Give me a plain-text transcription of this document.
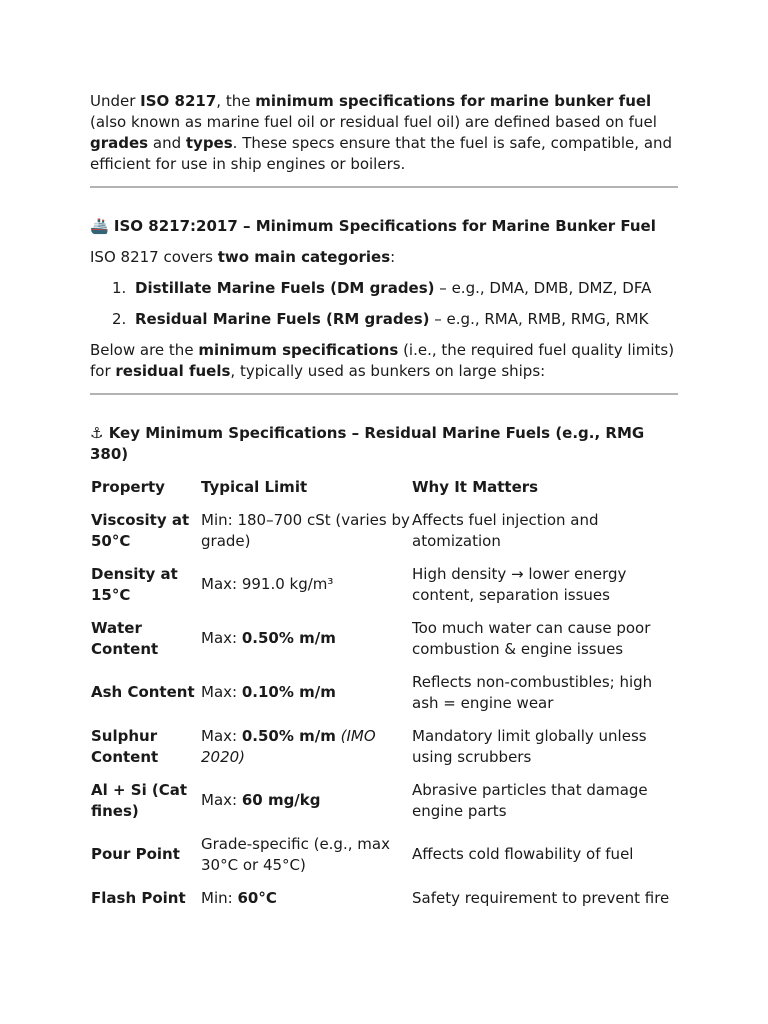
Under ISO 8217, the minimum specifications for marine bunker fuel (also known as marine fuel oil or residual fuel oil) are defined based on fuel grades and types. These specs ensure that the fuel is safe, compatible, and efficient for use in ship engines or boilers.

🚢 ISO 8217:2017 – Minimum Specifications for Marine Bunker Fuel

ISO 8217 covers two main categories:

1. Distillate Marine Fuels (DM grades) – e.g., DMA, DMB, DMZ, DFA
2. Residual Marine Fuels (RM grades) – e.g., RMA, RMB, RMG, RMK

Below are the minimum specifications (i.e., the required fuel quality limits) for residual fuels, typically used as bunkers on large ships:

⚓ Key Minimum Specifications – Residual Marine Fuels (e.g., RMG 380)

Property	Typical Limit	Why It Matters
Viscosity at 50°C	Min: 180–700 cSt (varies by grade)	Affects fuel injection and atomization
Density at 15°C	Max: 991.0 kg/m³	High density → lower energy content, separation issues
Water Content	Max: 0.50% m/m	Too much water can cause poor combustion & engine issues
Ash Content	Max: 0.10% m/m	Reflects non-combustibles; high ash = engine wear
Sulphur Content	Max: 0.50% m/m (IMO 2020)	Mandatory limit globally unless using scrubbers
Al + Si (Cat fines)	Max: 60 mg/kg	Abrasive particles that damage engine parts
Pour Point	Grade-specific (e.g., max 30°C or 45°C)	Affects cold flowability of fuel
Flash Point	Min: 60°C	Safety requirement to prevent fire
